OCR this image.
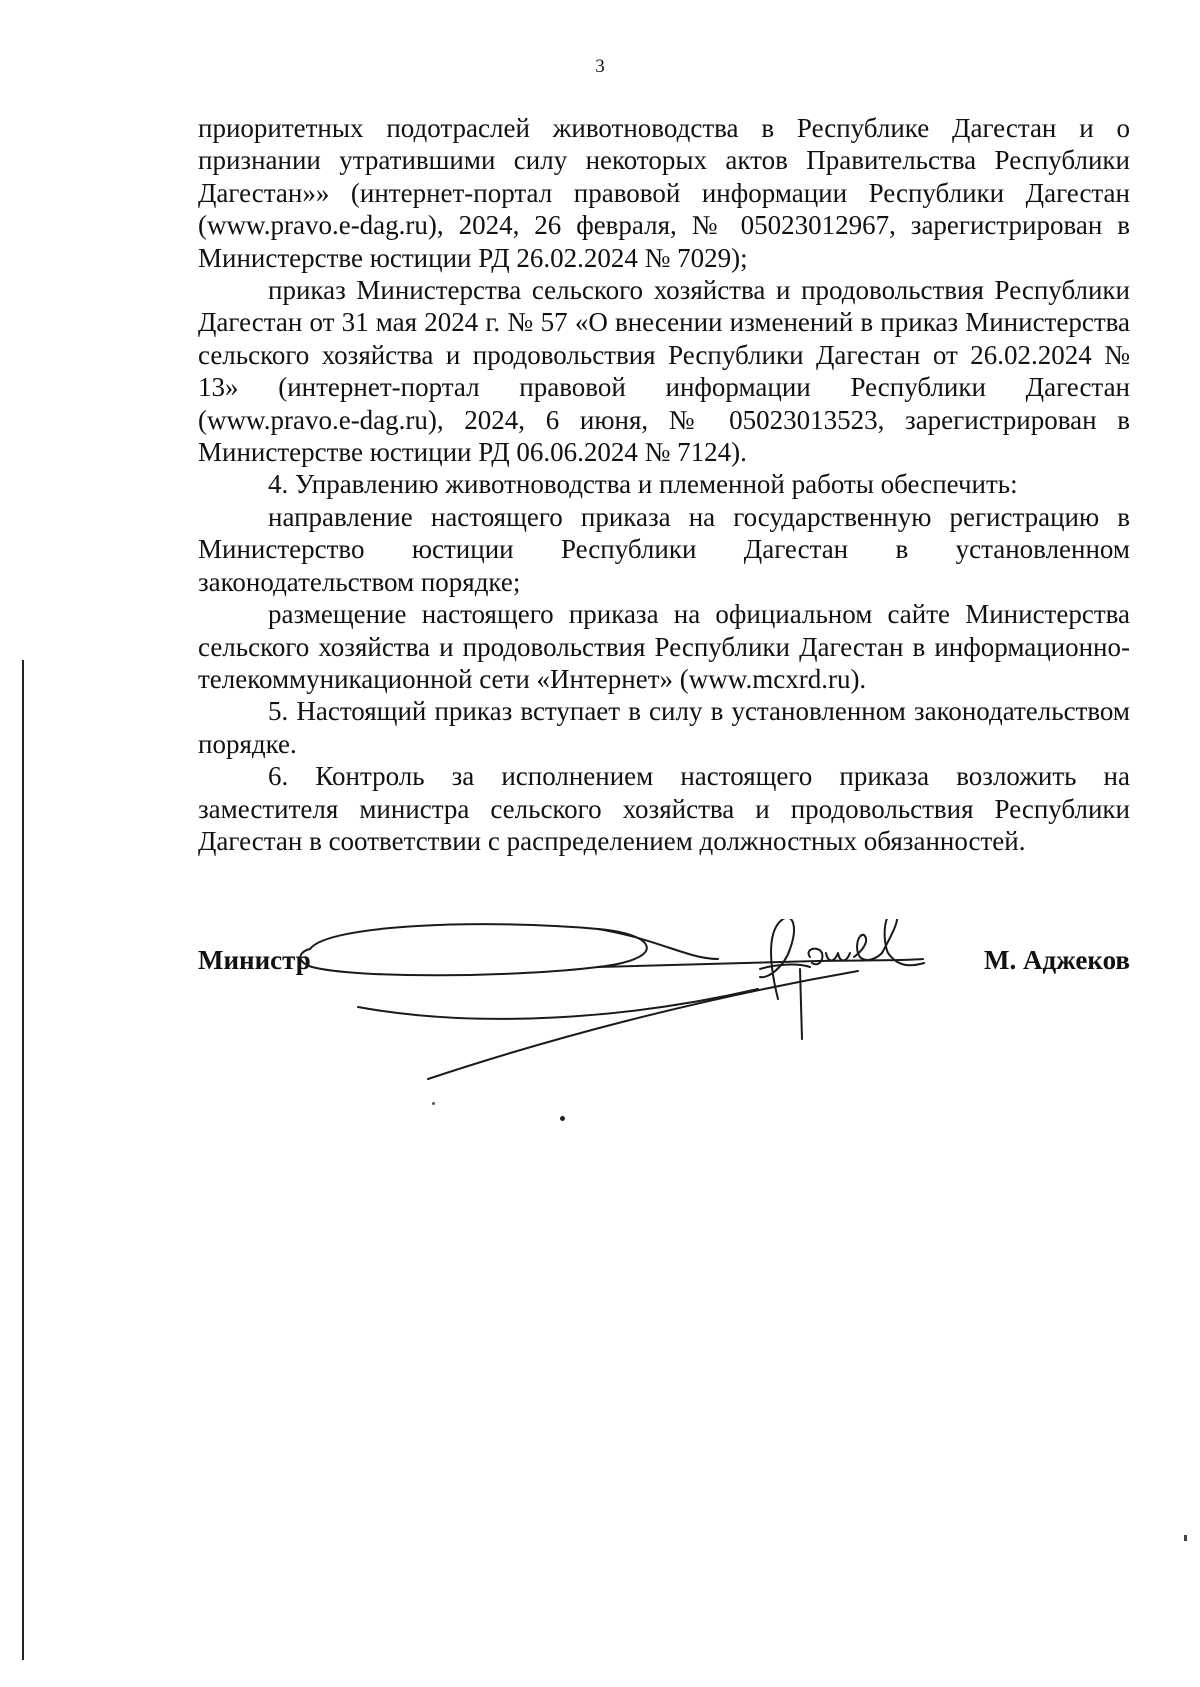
3

приоритетных подотраслей животноводства в Республике Дагестан и о признании утратившими силу некоторых актов Правительства Республики Дагестан»» (интернет-портал правовой информации Республики Дагестан (www.pravo.e-dag.ru), 2024, 26 февраля, № 05023012967, зарегистрирован в Министерстве юстиции РД 26.02.2024 № 7029);

приказ Министерства сельского хозяйства и продовольствия Республики Дагестан от 31 мая 2024 г. № 57 «О внесении изменений в приказ Министерства сельского хозяйства и продовольствия Республики Дагестан от 26.02.2024 № 13» (интернет-портал правовой информации Республики Дагестан (www.pravo.e-dag.ru), 2024, 6 июня, № 05023013523, зарегистрирован в Министерстве юстиции РД 06.06.2024 № 7124).

4. Управлению животноводства и племенной работы обеспечить:

направление настоящего приказа на государственную регистрацию в Министерство юстиции Республики Дагестан в установленном законодательством порядке;

размещение настоящего приказа на официальном сайте Министерства сельского хозяйства и продовольствия Республики Дагестан в информационно-телекоммуникационной сети «Интернет» (www.mcxrd.ru).

5. Настоящий приказ вступает в силу в установленном законодательством порядке.

6. Контроль за исполнением настоящего приказа возложить на заместителя министра сельского хозяйства и продовольствия Республики Дагестан в соответствии с распределением должностных обязанностей.

Министр	М. Аджеков
